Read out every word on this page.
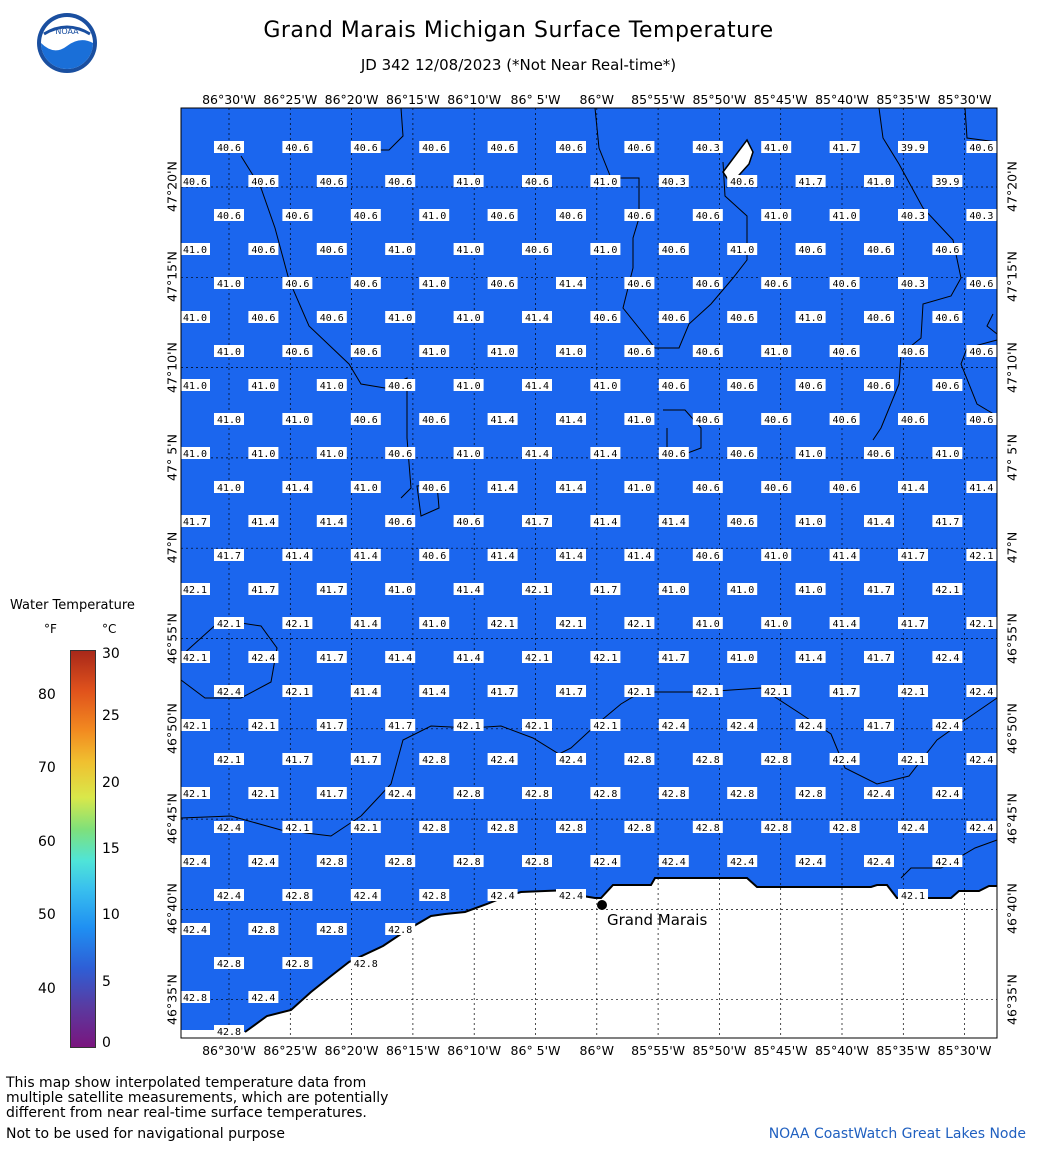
NOAA	Grand Marais Michigan Surface Temperature
JD 342 12/08/2023 (*Not Near Real-time*)
40.6	40.6	40.6	40.6	40.6	40.6	40.6	40.3	41.0	41.7	39.9	40.6
40.6	40.6	40.6	40.6	41.0	40.6	41.0	40.3	40.6	41.7	41.0	39.9
40.6	40.6	40.6	41.0	40.6	40.6	40.6	40.6	41.0	41.0	40.3	40.3
41.0	40.6	40.6	41.0	41.0	40.6	41.0	40.6	41.0	40.6	40.6	40.6
41.0	40.6	40.6	41.0	40.6	41.4	40.6	40.6	40.6	40.6	40.3	40.6
41.0	40.6	40.6	41.0	41.0	41.4	40.6	40.6	40.6	41.0	40.6	40.6
41.0	40.6	40.6	41.0	41.0	41.0	40.6	40.6	41.0	40.6	40.6	40.6
41.0	41.0	41.0	40.6	41.0	41.4	41.0	40.6	40.6	40.6	40.6	40.6
41.0	41.0	40.6	40.6	41.4	41.4	41.0	40.6	40.6	40.6	40.6	40.6
41.0	41.0	41.0	40.6	41.0	41.4	41.4	40.6	40.6	41.0	40.6	41.0
41.0	41.4	41.0	40.6	41.4	41.4	41.0	40.6	40.6	40.6	41.4	41.4
41.7	41.4	41.4	40.6	40.6	41.7	41.4	41.4	40.6	41.0	41.4	41.7
41.7	41.4	41.4	40.6	41.4	41.4	41.4	40.6	41.0	41.4	41.7	42.1
42.1	41.7	41.7	41.0	41.4	42.1	41.7	41.0	41.0	41.0	41.7	42.1
42.1	42.1	41.4	41.0	42.1	42.1	42.1	41.0	41.0	41.4	41.7	42.1
42.1	42.4	41.7	41.4	41.4	42.1	42.1	41.7	41.0	41.4	41.7	42.4
42.4	42.1	41.4	41.4	41.7	41.7	42.1	42.1	42.1	41.7	42.1	42.4
42.1	42.1	41.7	41.7	42.1	42.1	42.1	42.4	42.4	42.4	41.7	42.4
42.1	41.7	41.7	42.8	42.4	42.4	42.8	42.8	42.8	42.4	42.1	42.4
42.1	42.1	41.7	42.4	42.8	42.8	42.8	42.8	42.8	42.8	42.4	42.4
42.4	42.1	42.1	42.8	42.8	42.8	42.8	42.8	42.8	42.8	42.4	42.4
42.4	42.4	42.8	42.8	42.8	42.8	42.4	42.4	42.4	42.4	42.4	42.4
42.4	42.8	42.4	42.8	42.4	42.4	42.1
42.4	42.8	42.8	42.8
42.8	42.8	42.8
42.8	42.4
42.8
Grand Marais
86°30'W 86°25'W 86°20'W 86°15'W 86°10'W 86° 5'W	86°W	85°55'W 85°50'W 85°45'W 85°40'W 85°35'W 85°30'W
86°30'W 86°25'W 86°20'W 86°15'W 86°10'W 86° 5'W	86°W	85°55'W 85°50'W 85°45'W 85°40'W 85°35'W 85°30'W
47°20'N
47°15'N
47°10'N
47° 5'N
47°N
46°55'N
46°50'N
46°45'N
46°40'N
46°35'N
47°20'N
47°15'N
47°10'N
47° 5'N
47°N
46°55'N
46°50'N
46°45'N
46°40'N
46°35'N
Water Temperature
°F	°C
80
70
60
50
40
30
25
20
15
10
5
0
This map show interpolated temperature data from
multiple satellite measurements, which are potentially
different from near real-time surface temperatures.
Not to be used for navigational purpose	NOAA CoastWatch Great Lakes Node
